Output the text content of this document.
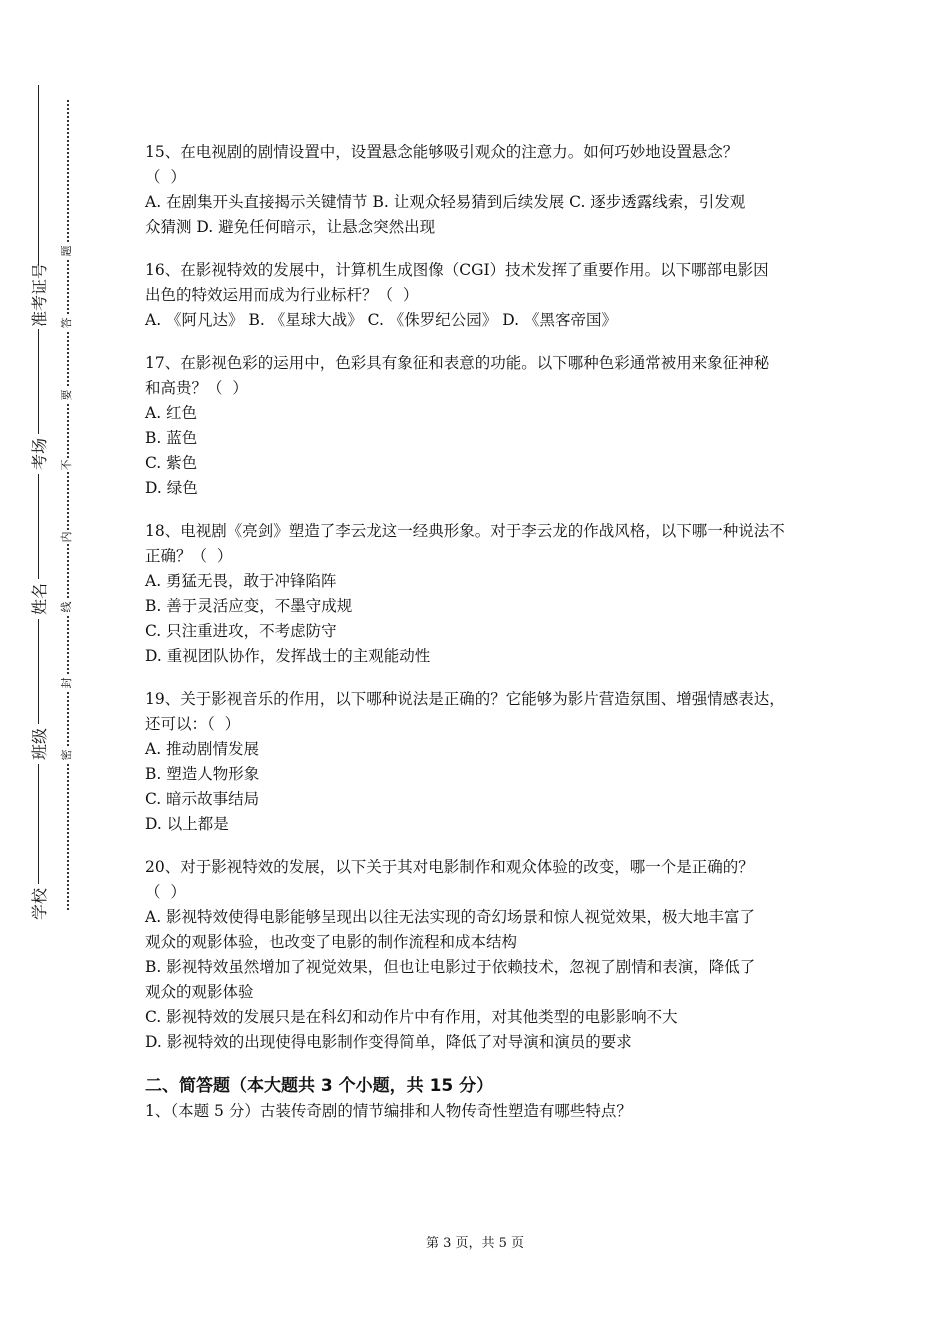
学校
班级
姓名
考场
准考证号
密
封
线
内
不
要
答
题
15、在电视剧的剧情设置中，设置悬念能够吸引观众的注意力。如何巧妙地设置悬念？
（  ）
A. 在剧集开头直接揭示关键情节 B. 让观众轻易猜到后续发展 C. 逐步透露线索，引发观
众猜测 D. 避免任何暗示，让悬念突然出现
16、在影视特效的发展中，计算机生成图像（CGI）技术发挥了重要作用。以下哪部电影因
出色的特效运用而成为行业标杆？（  ）
A. 《阿凡达》 B. 《星球大战》 C. 《侏罗纪公园》 D. 《黑客帝国》
17、在影视色彩的运用中，色彩具有象征和表意的功能。以下哪种色彩通常被用来象征神秘
和高贵？（  ）
A. 红色
B. 蓝色
C. 紫色
D. 绿色
18、电视剧《亮剑》塑造了李云龙这一经典形象。对于李云龙的作战风格，以下哪一种说法不
正确？（  ）
A. 勇猛无畏，敢于冲锋陷阵
B. 善于灵活应变，不墨守成规
C. 只注重进攻，不考虑防守
D. 重视团队协作，发挥战士的主观能动性
19、关于影视音乐的作用，以下哪种说法是正确的？它能够为影片营造氛围、增强情感表达，
还可以：（  ）
A. 推动剧情发展
B. 塑造人物形象
C. 暗示故事结局
D. 以上都是
20、对于影视特效的发展，以下关于其对电影制作和观众体验的改变，哪一个是正确的？
（  ）
A. 影视特效使得电影能够呈现出以往无法实现的奇幻场景和惊人视觉效果，极大地丰富了
观众的观影体验，也改变了电影的制作流程和成本结构
B. 影视特效虽然增加了视觉效果，但也让电影过于依赖技术，忽视了剧情和表演，降低了
观众的观影体验
C. 影视特效的发展只是在科幻和动作片中有作用，对其他类型的电影影响不大
D. 影视特效的出现使得电影制作变得简单，降低了对导演和演员的要求
二、简答题（本大题共 3 个小题，共 15 分）
1、（本题 5 分）古装传奇剧的情节编排和人物传奇性塑造有哪些特点？
第 3 页，共 5 页
